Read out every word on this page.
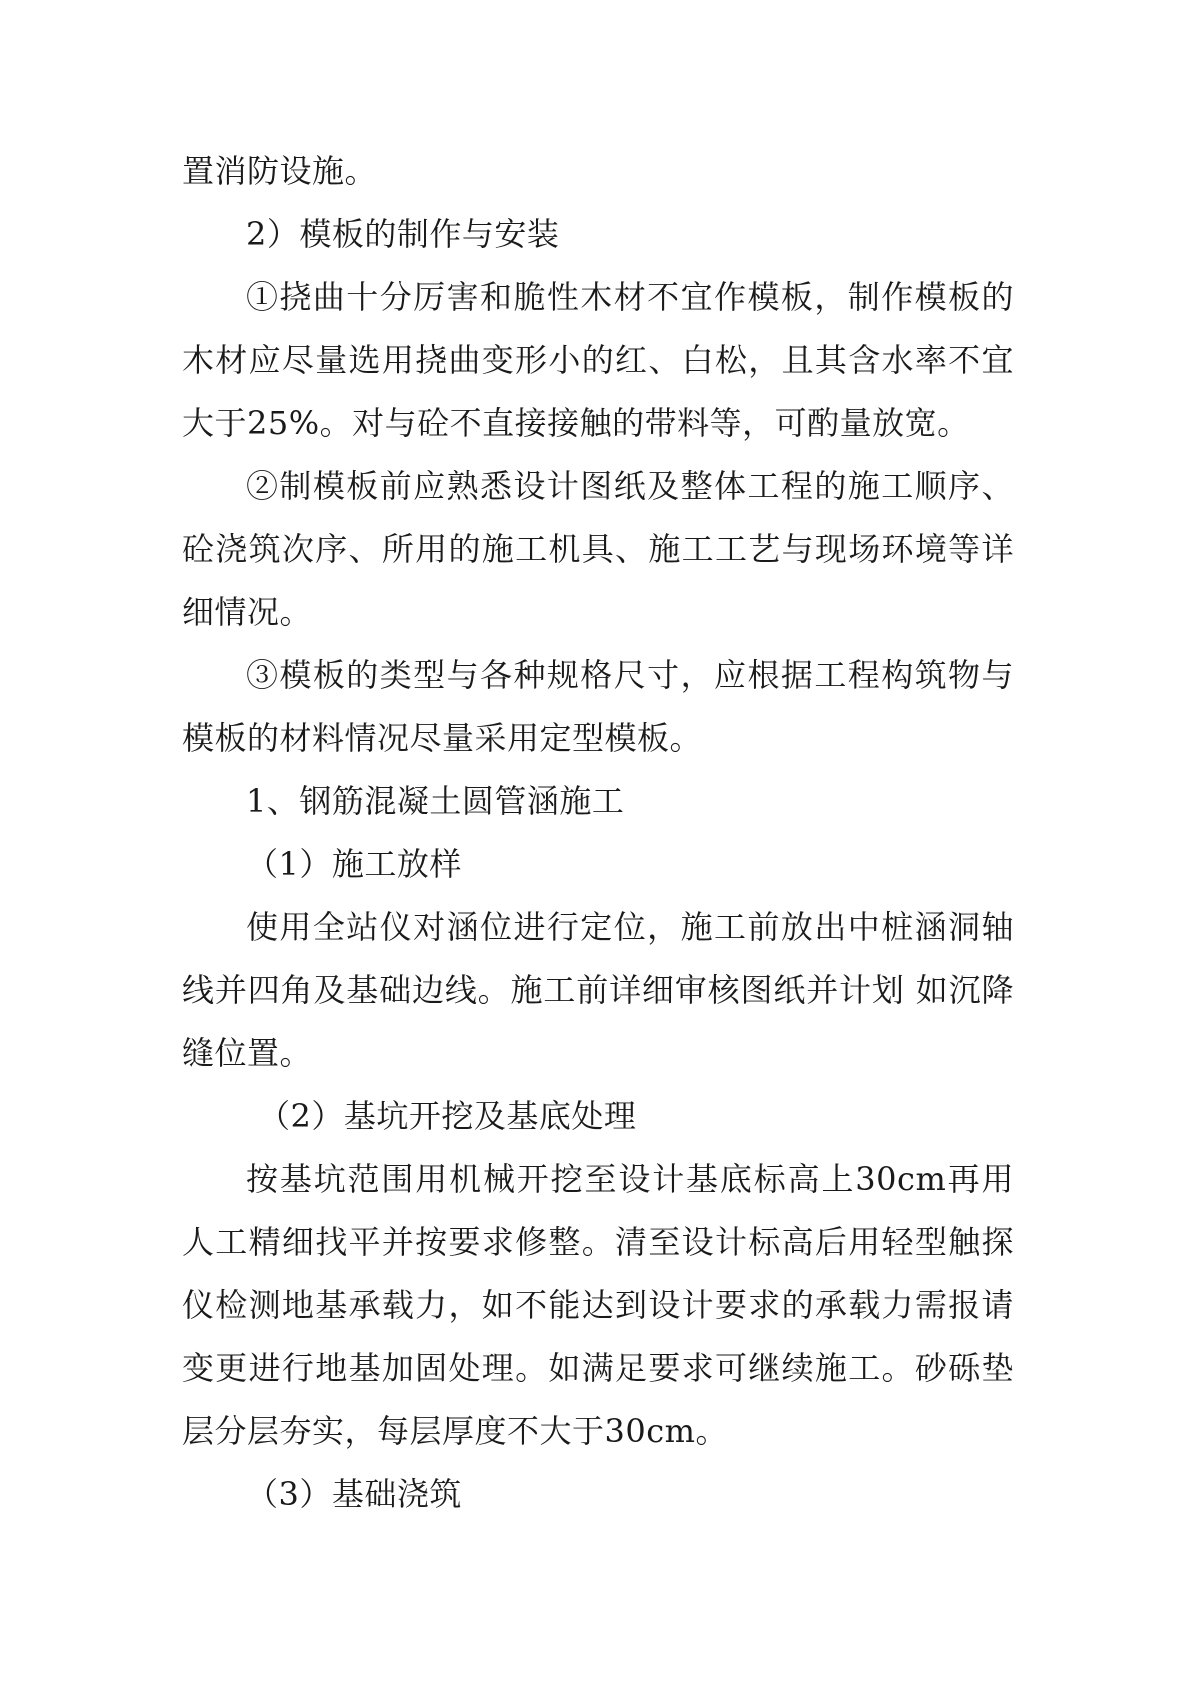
置消防设施。

2）模板的制作与安装

①挠曲十分厉害和脆性木材不宜作模板，制作模板的木材应尽量选用挠曲变形小的红、白松，且其含水率不宜大于25%。对与砼不直接接触的带料等，可酌量放宽。

②制模板前应熟悉设计图纸及整体工程的施工顺序、砼浇筑次序、所用的施工机具、施工工艺与现场环境等详细情况。

③模板的类型与各种规格尺寸，应根据工程构筑物与模板的材料情况尽量采用定型模板。

1、钢筋混凝土圆管涵施工

（1）施工放样

使用全站仪对涵位进行定位，施工前放出中桩涵洞轴线并四角及基础边线。施工前详细审核图纸并计划 如沉降缝位置。

（2）基坑开挖及基底处理

按基坑范围用机械开挖至设计基底标高上30cm再用人工精细找平并按要求修整。清至设计标高后用轻型触探仪检测地基承载力，如不能达到设计要求的承载力需报请变更进行地基加固处理。如满足要求可继续施工。砂砾垫层分层夯实，每层厚度不大于30cm。

（3）基础浇筑
